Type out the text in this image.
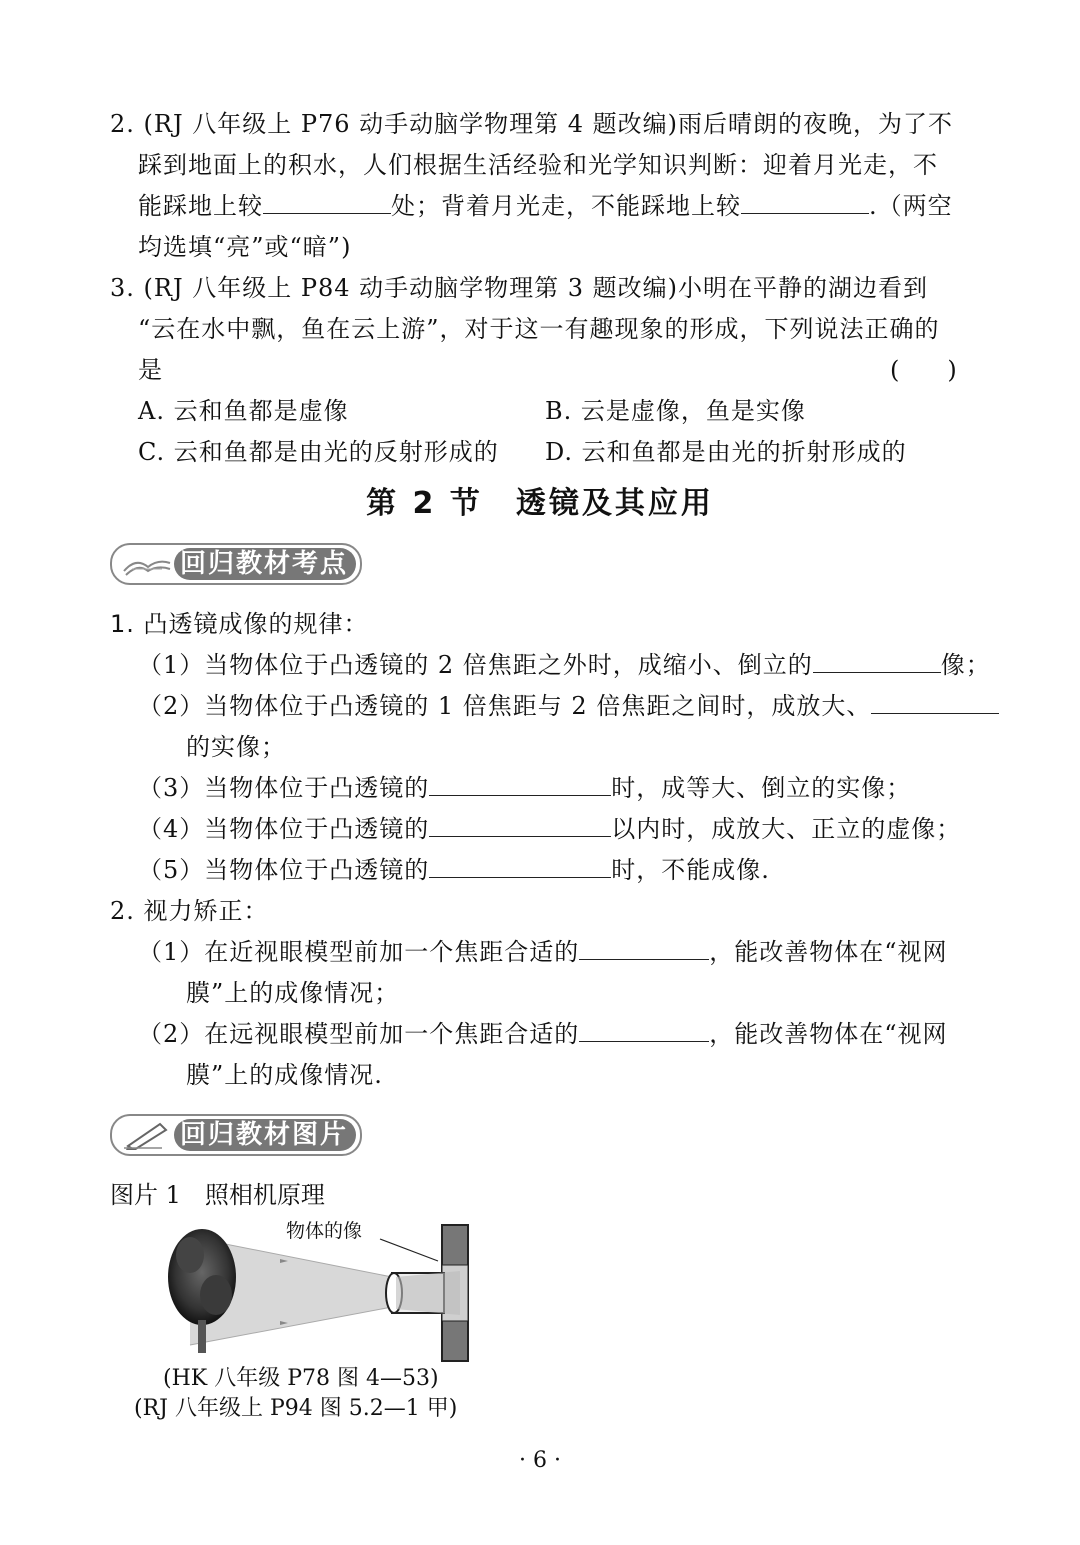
2. (RJ 八年级上 P76 动手动脑学物理第 4 题改编)雨后晴朗的夜晚，为了不
踩到地面上的积水，人们根据生活经验和光学知识判断：迎着月光走，不
能踩地上较	处；背着月光走，不能踩地上较	.（两空
均选填“亮”或“暗”)
3. (RJ 八年级上 P84 动手动脑学物理第 3 题改编)小明在平静的湖边看到
“云在水中飘，鱼在云上游”，对于这一有趣现象的形成，下列说法正确的
是	(　　)
A. 云和鱼都是虚像	B. 云是虚像，鱼是实像
C. 云和鱼都是由光的反射形成的 D. 云和鱼都是由光的折射形成的
第 2 节　透镜及其应用
回归教材考点
1. 凸透镜成像的规律：
（1）当物体位于凸透镜的 2 倍焦距之外时，成缩小、倒立的	像；
（2）当物体位于凸透镜的 1 倍焦距与 2 倍焦距之间时，成放大、
的实像；
（3）当物体位于凸透镜的	时，成等大、倒立的实像；
（4）当物体位于凸透镜的	以内时，成放大、正立的虚像；
（5）当物体位于凸透镜的	时，不能成像.
2. 视力矫正：
（1）在近视眼模型前加一个焦距合适的	，能改善物体在“视网
膜”上的成像情况；
（2）在远视眼模型前加一个焦距合适的	，能改善物体在“视网
膜”上的成像情况.
回归教材图片
图片 1　照相机原理
物体的像
(HK 八年级 P78 图 4—53)
(RJ 八年级上 P94 图 5.2—1 甲)
· 6 ·
